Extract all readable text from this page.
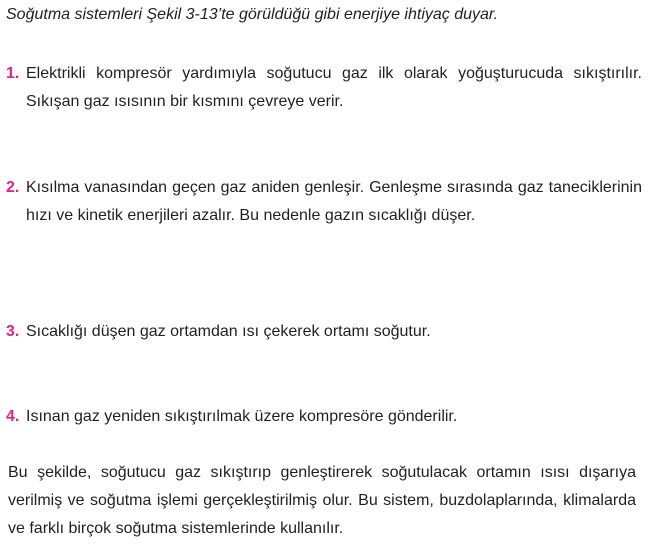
Soğutma sistemleri Şekil 3-13’te görüldüğü gibi enerjiye ihtiyaç duyar.

1. Elektrikli kompresör yardımıyla soğutucu gaz ilk olarak yoğuşturucuda sıkıştırılır. Sıkışan gaz ısısının bir kısmını çevreye verir.
2. Kısılma vanasından geçen gaz aniden genleşir. Genleşme sırasında gaz taneciklerinin hızı ve kinetik enerjileri azalır. Bu nedenle gazın sıcaklığı düşer.
3. Sıcaklığı düşen gaz ortamdan ısı çekerek ortamı soğutur.
4. Isınan gaz yeniden sıkıştırılmak üzere kompresöre gönderilir.

Bu şekilde, soğutucu gaz sıkıştırıp genleştirerek soğutulacak ortamın ısısı dışarıya verilmiş ve soğutma işlemi gerçekleştirilmiş olur. Bu sistem, buzdolaplarında, klimalarda ve farklı birçok soğutma sistemlerinde kullanılır.
